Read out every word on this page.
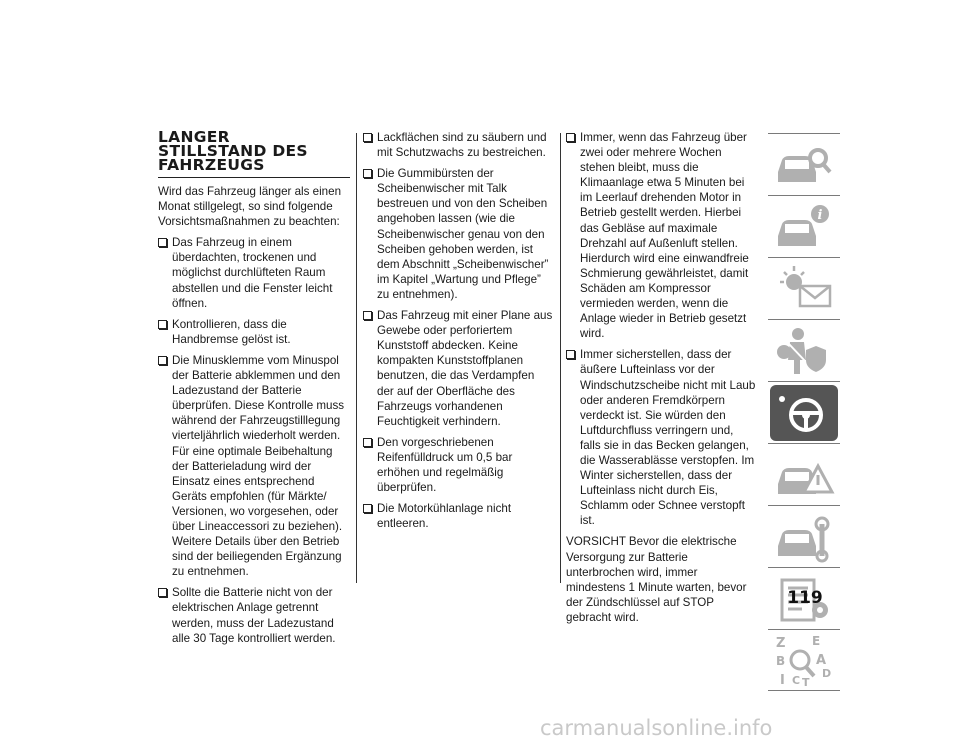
LANGER
STILLSTAND DES
FAHRZEUGS

Wird das Fahrzeug länger als einen Monat stillgelegt, so sind folgende Vorsichtsmaßnahmen zu beachten:

Das Fahrzeug in einem überdachten, trockenen und möglichst durchlüfteten Raum abstellen und die Fenster leicht öffnen.
Kontrollieren, dass die Handbremse gelöst ist.
Die Minusklemme vom Minuspol der Batterie abklemmen und den Ladezustand der Batterie überprüfen. Diese Kontrolle muss während der Fahrzeugstilllegung vierteljährlich wiederholt werden. Für eine optimale Beibehaltung der Batterieladung wird der Einsatz eines entsprechend Geräts empfohlen (für Märkte/ Versionen, wo vorgesehen, oder über Lineaccessori zu beziehen). Weitere Details über den Betrieb sind der beiliegenden Ergänzung zu entnehmen.
Sollte die Batterie nicht von der elektrischen Anlage getrennt werden, muss der Ladezustand alle 30 Tage kontrolliert werden.
Lackflächen sind zu säubern und mit Schutzwachs zu bestreichen.
Die Gummibürsten der Scheibenwischer mit Talk bestreuen und von den Scheiben angehoben lassen (wie die Scheibenwischer genau von den Scheiben gehoben werden, ist dem Abschnitt „Scheibenwischer” im Kapitel „Wartung und Pflege” zu entnehmen).
Das Fahrzeug mit einer Plane aus Gewebe oder perforiertem Kunststoff abdecken. Keine kompakten Kunststoffplanen benutzen, die das Verdampfen der auf der Oberfläche des Fahrzeugs vorhandenen Feuchtigkeit verhindern.
Den vorgeschriebenen Reifenfülldruck um 0,5 bar erhöhen und regelmäßig überprüfen.
Die Motorkühlanlage nicht entleeren.
Immer, wenn das Fahrzeug über zwei oder mehrere Wochen stehen bleibt, muss die Klimaanlage etwa 5 Minuten bei im Leerlauf drehenden Motor in Betrieb gestellt werden. Hierbei das Gebläse auf maximale Drehzahl auf Außenluft stellen. Hierdurch wird eine einwandfreie Schmierung gewährleistet, damit Schäden am Kompressor vermieden werden, wenn die Anlage wieder in Betrieb gesetzt wird.
Immer sicherstellen, dass der äußere Lufteinlass vor der Windschutzscheibe nicht mit Laub oder anderen Fremdkörpern verdeckt ist. Sie würden den Luftdurchfluss verringern und, falls sie in das Becken gelangen, die Wasserablässe verstopfen. Im Winter sicherstellen, dass der Lufteinlass nicht durch Eis, Schlamm oder Schnee verstopft ist.

VORSICHT Bevor die elektrische Versorgung zur Batterie unterbrochen wird, immer mindestens 1 Minute warten, bevor der Zündschlüssel auf STOP gebracht wird.

i
Z E
B A
C
D
T
I
119
carmanualsonline.info
